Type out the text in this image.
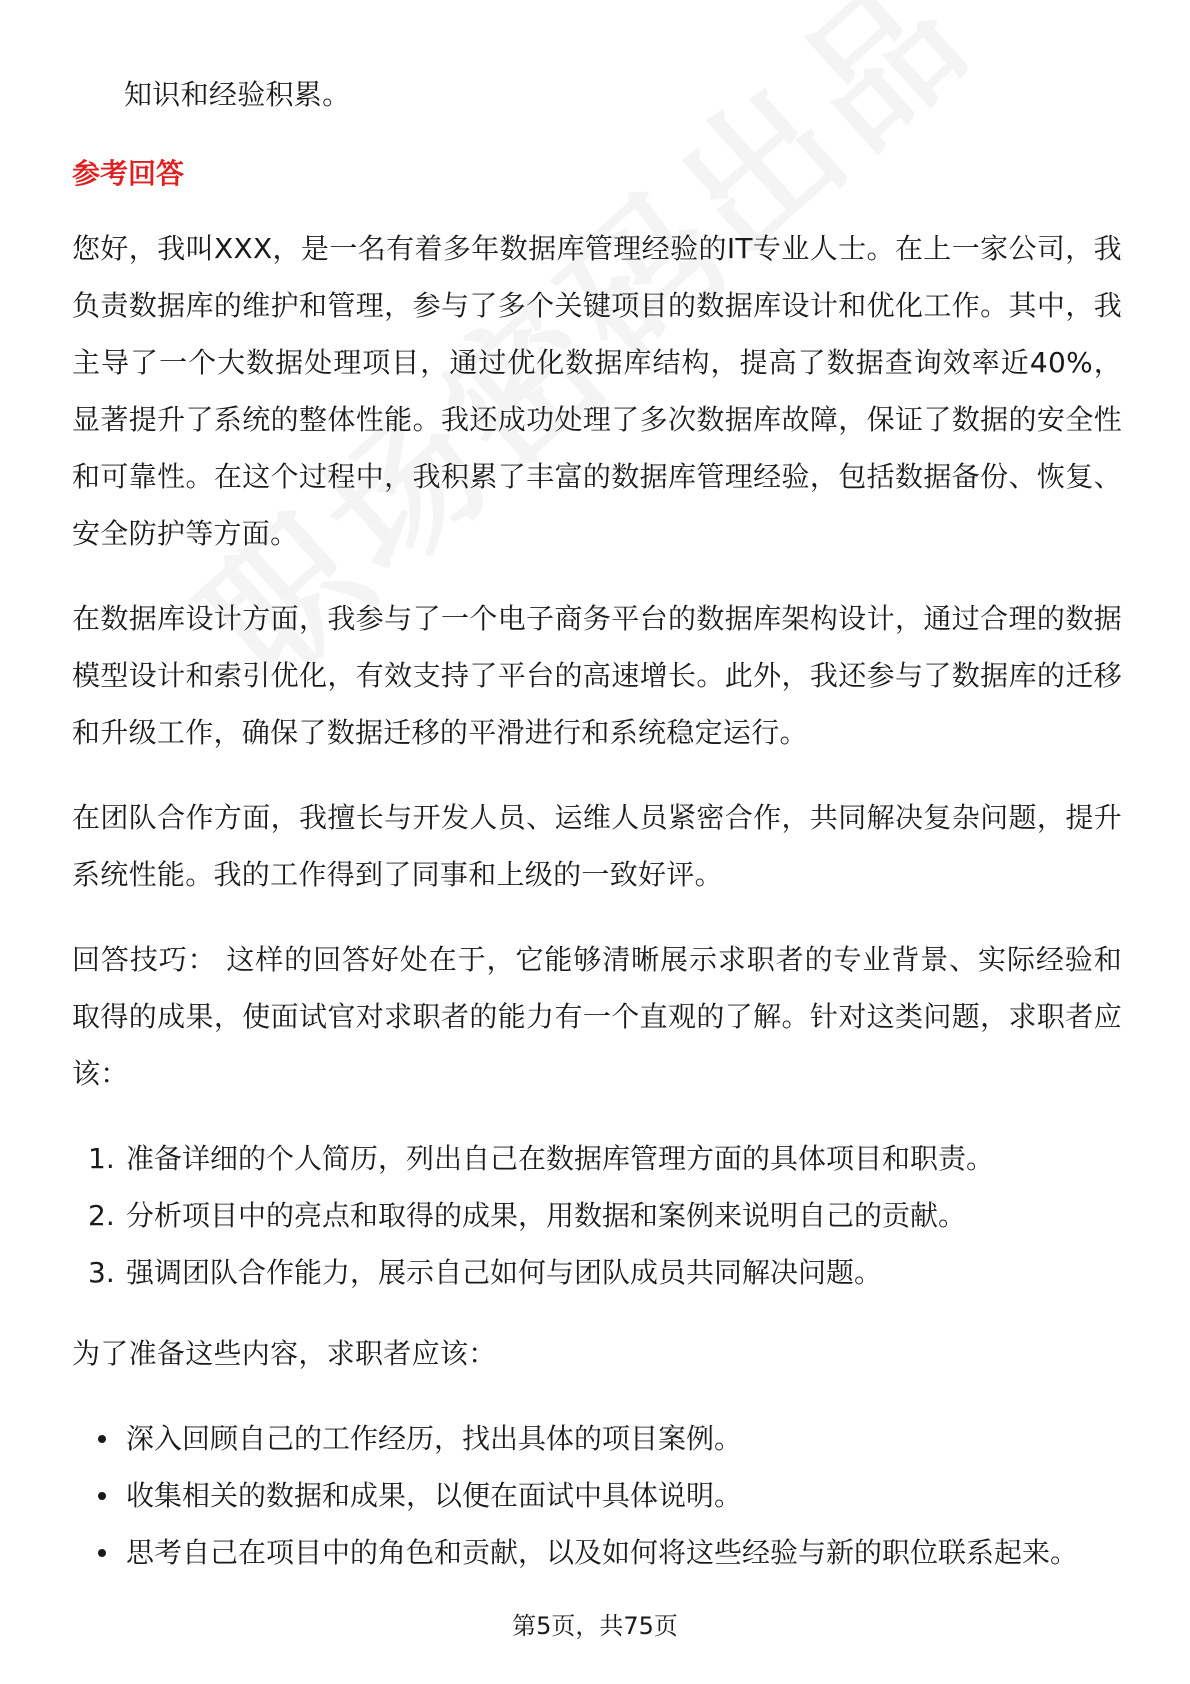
知识和经验积累。

参考回答

您好，我叫XXX，是一名有着多年数据库管理经验的IT专业人士。在上一家公司，我负责数据库的维护和管理，参与了多个关键项目的数据库设计和优化工作。其中，我主导了一个大数据处理项目，通过优化数据库结构，提高了数据查询效率近40%，显著提升了系统的整体性能。我还成功处理了多次数据库故障，保证了数据的安全性和可靠性。在这个过程中，我积累了丰富的数据库管理经验，包括数据备份、恢复、安全防护等方面。

在数据库设计方面，我参与了一个电子商务平台的数据库架构设计，通过合理的数据模型设计和索引优化，有效支持了平台的高速增长。此外，我还参与了数据库的迁移和升级工作，确保了数据迁移的平滑进行和系统稳定运行。

在团队合作方面，我擅长与开发人员、运维人员紧密合作，共同解决复杂问题，提升系统性能。我的工作得到了同事和上级的一致好评。

回答技巧： 这样的回答好处在于，它能够清晰展示求职者的专业背景、实际经验和取得的成果，使面试官对求职者的能力有一个直观的了解。针对这类问题，求职者应该：

1. 准备详细的个人简历，列出自己在数据库管理方面的具体项目和职责。
2. 分析项目中的亮点和取得的成果，用数据和案例来说明自己的贡献。
3. 强调团队合作能力，展示自己如何与团队成员共同解决问题。

为了准备这些内容，求职者应该：

深入回顾自己的工作经历，找出具体的项目案例。
收集相关的数据和成果，以便在面试中具体说明。
思考自己在项目中的角色和贡献，以及如何将这些经验与新的职位联系起来。
第5页，共75页
